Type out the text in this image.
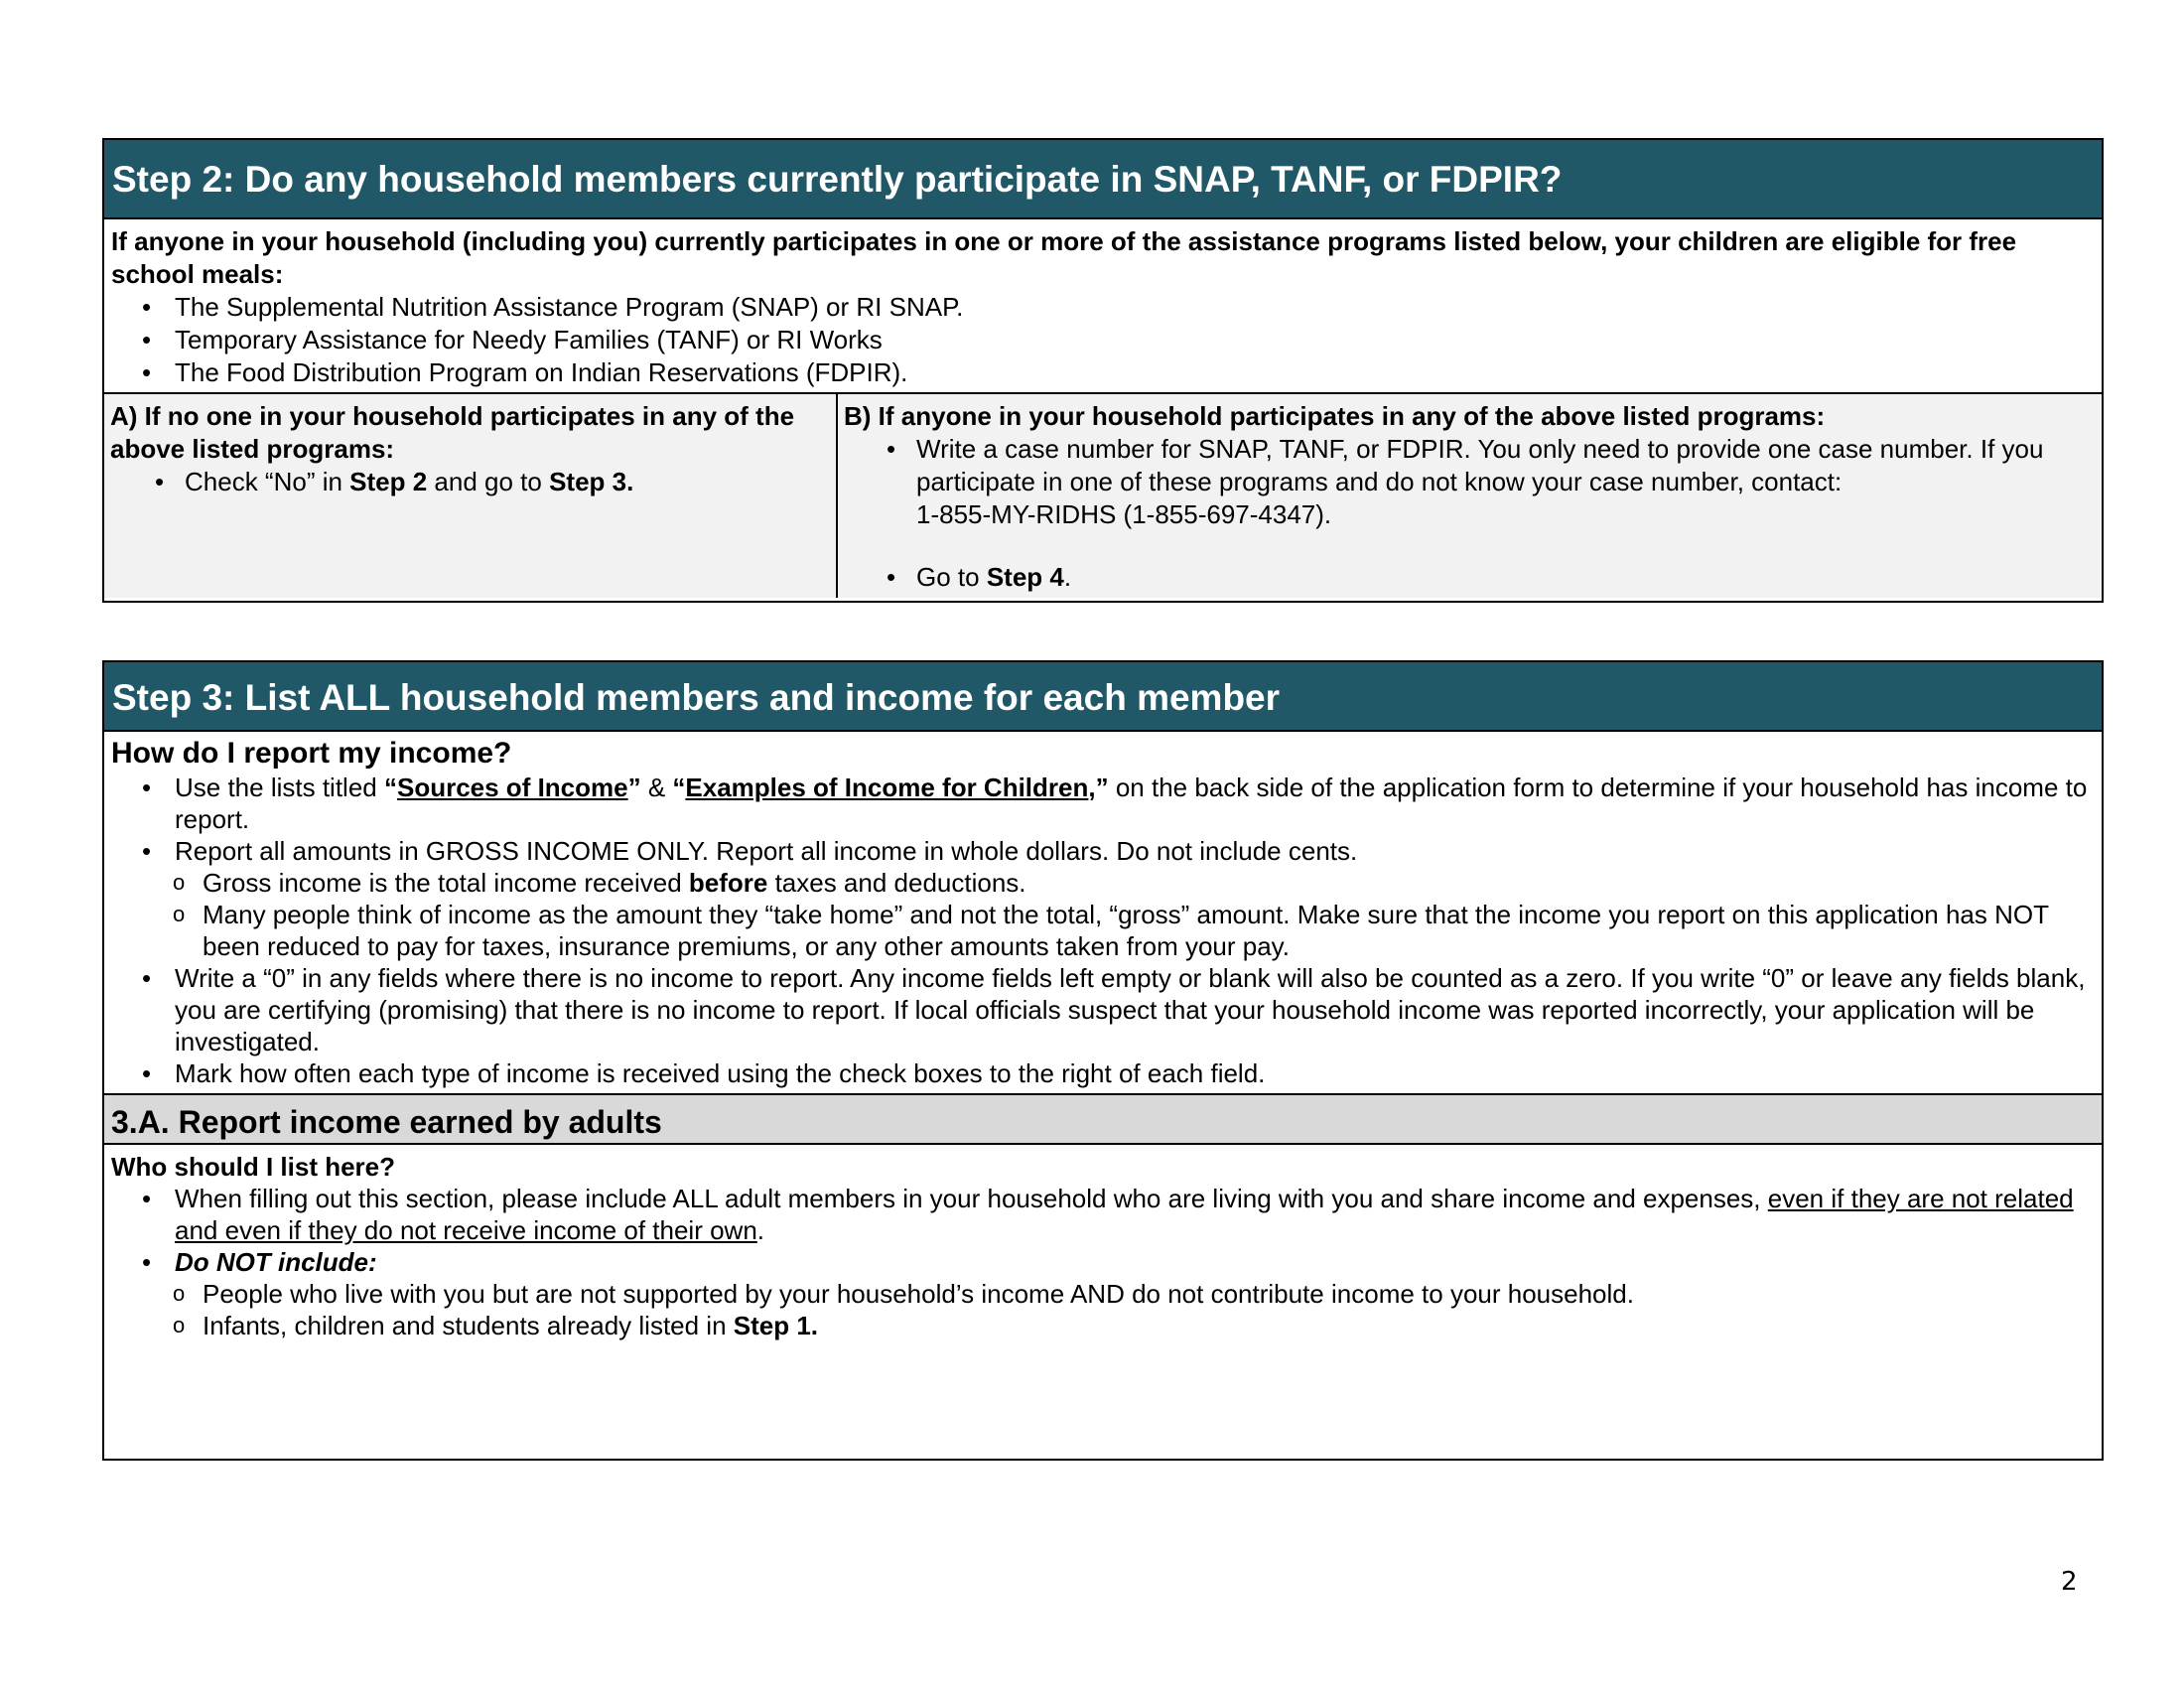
Step 2: Do any household members currently participate in SNAP, TANF, or FDPIR?
If anyone in your household (including you) currently participates in one or more of the assistance programs listed below, your children are eligible for free school meals:
• The Supplemental Nutrition Assistance Program (SNAP) or RI SNAP.
• Temporary Assistance for Needy Families (TANF) or RI Works
• The Food Distribution Program on Indian Reservations (FDPIR).
A) If no one in your household participates in any of the above listed programs:
• Check “No” in Step 2 and go to Step 3.
B) If anyone in your household participates in any of the above listed programs:
• Write a case number for SNAP, TANF, or FDPIR. You only need to provide one case number. If you participate in one of these programs and do not know your case number, contact:
1-855-MY-RIDHS (1-855-697-4347).
• Go to Step 4.
Step 3: List ALL household members and income for each member
How do I report my income?
• Use the lists titled “Sources of Income” & “Examples of Income for Children,” on the back side of the application form to determine if your household has income to report.
• Report all amounts in GROSS INCOME ONLY. Report all income in whole dollars. Do not include cents.
o Gross income is the total income received before taxes and deductions.
o Many people think of income as the amount they “take home” and not the total, “gross” amount. Make sure that the income you report on this application has NOT been reduced to pay for taxes, insurance premiums, or any other amounts taken from your pay.
• Write a “0” in any fields where there is no income to report. Any income fields left empty or blank will also be counted as a zero. If you write “0” or leave any fields blank, you are certifying (promising) that there is no income to report. If local officials suspect that your household income was reported incorrectly, your application will be investigated.
• Mark how often each type of income is received using the check boxes to the right of each field.
3.A. Report income earned by adults
Who should I list here?
• When filling out this section, please include ALL adult members in your household who are living with you and share income and expenses, even if they are not related and even if they do not receive income of their own.
• Do NOT include:
o People who live with you but are not supported by your household’s income AND do not contribute income to your household.
o Infants, children and students already listed in Step 1.
2
